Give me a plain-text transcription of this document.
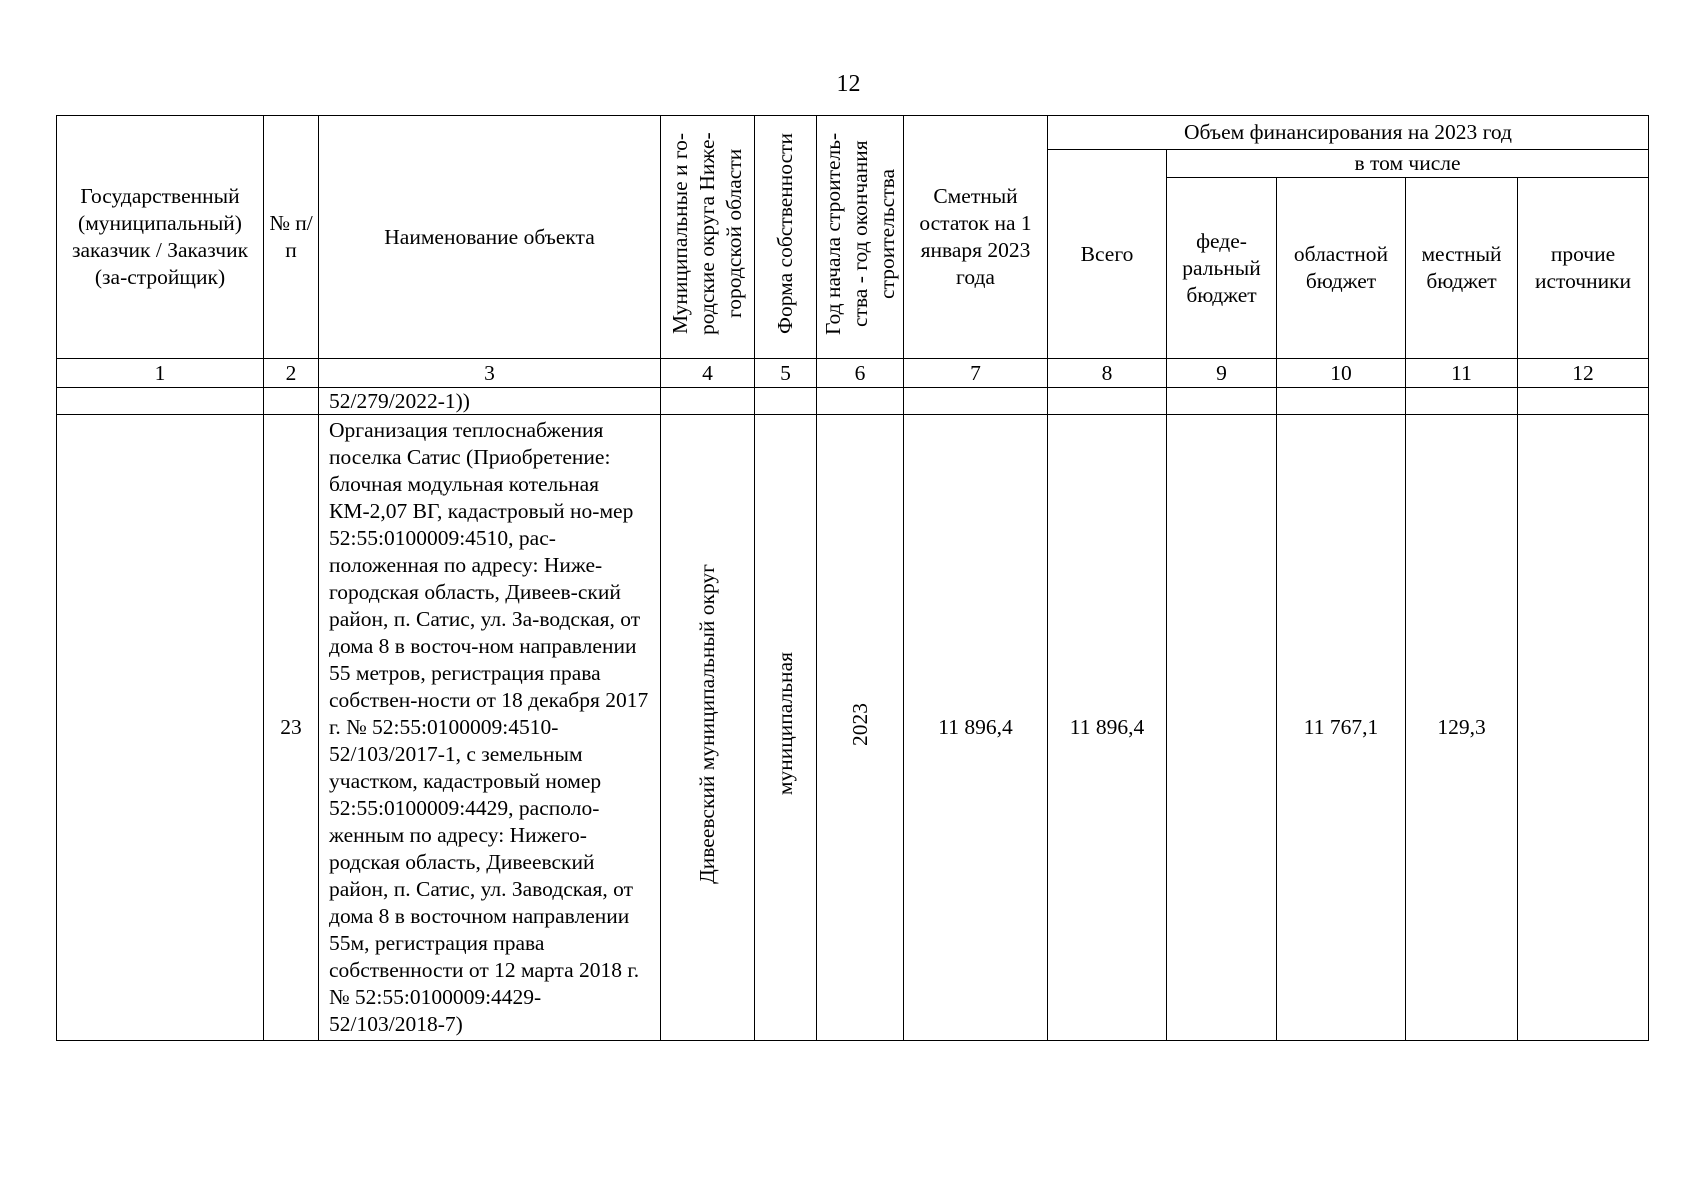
12
Государственный (муниципальный) заказчик / Заказчик (за-стройщик)	№ п/п	Наименование объекта	Муниципальные и го-родские округа Ниже-городской области	Форма собственности	Год начала строитель-ства - год окончания строительства	Сметный остаток на 1 января 2023 года	Объем финансирования на 2023 год				

							Всего	в том числе			

								феде-ральный бюджет	областной бюджет	местный бюджет	прочие источники

1	2	3	4	5	6	7	8	9	10	11	12
		52/279/2022-1))									
	23	Организация теплоснабжения поселка Сатис (Приобретение: блочная модульная котельная КМ-2,07 ВГ, кадастровый но-мер 52:55:0100009:4510, рас-положенная по адресу: Ниже-городская область, Дивеев-ский район, п. Сатис, ул. За-водская, от дома 8 в восточ-ном направлении 55 метров, регистрация права собствен-ности от 18 декабря 2017 г. № 52:55:0100009:4510-52/103/2017-1, с земельным участком, кадастровый номер 52:55:0100009:4429, располо-женным по адресу: Нижего-родская область, Дивеевский район, п. Сатис, ул. Заводская, от дома 8 в восточном направлении 55м, регистрация права собственности от 12 марта 2018 г. № 52:55:0100009:4429-52/103/2018-7)	Дивеевский муниципальный округ	муниципальная	2023	11 896,4	11 896,4		11 767,1	129,3	
